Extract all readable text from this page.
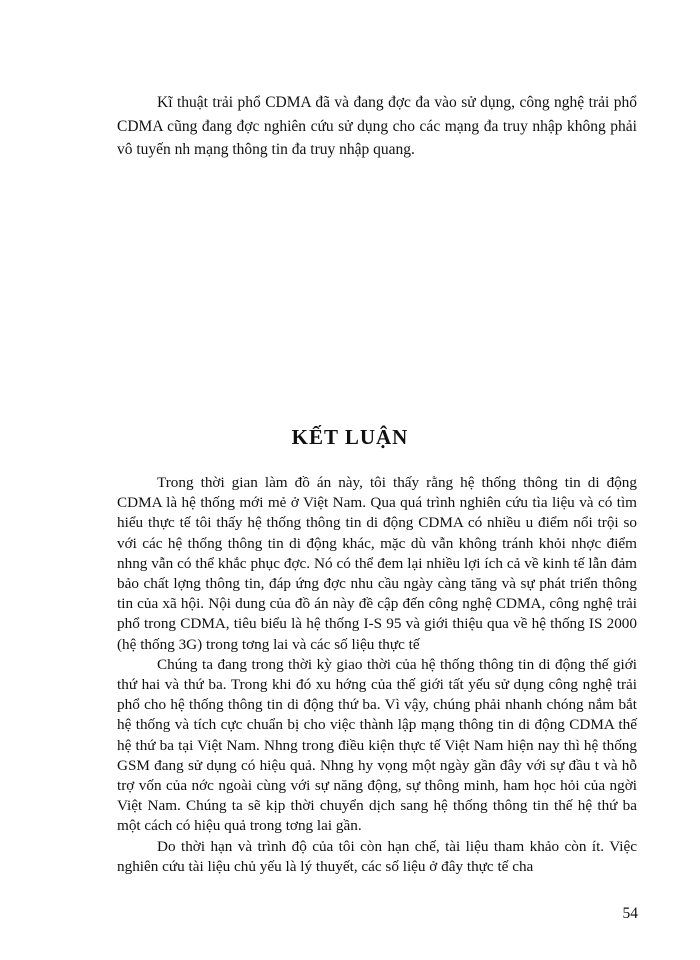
Kĩ thuật trải phổ CDMA đã và đang đợc đa vào sử dụng, công nghệ trải phổ CDMA cũng đang đợc nghiên cứu sử dụng cho các mạng đa truy nhập không phải vô tuyến nh mạng thông tin đa truy nhập quang.

KẾT LUẬN

Trong thời gian làm đồ án này, tôi thấy rằng hệ thống thông tin di động CDMA là hệ thống mới mẻ ở Việt Nam. Qua quá trình nghiên cứu tìa liệu và có tìm hiểu thực tế tôi thấy hệ thống thông tin di động CDMA có nhiều u điểm nổi trội so với các hệ thống thông tin di động khác, mặc dù vẫn không tránh khỏi nhợc điểm nhng vẫn có thể khắc phục đợc. Nó có thể đem lại nhiều lợi ích cả về kinh tế lẫn đảm bảo chất lợng thông tin, đáp ứng đợc nhu cầu ngày càng tăng và sự phát triển thông tin của xã hội. Nội dung của đồ án này đề cập đến công nghệ CDMA, công nghệ trải phổ trong CDMA, tiêu biểu là hệ thống I-S 95 và giới thiệu qua về hệ thống IS 2000 (hệ thống 3G) trong tơng lai và các số liệu thực tế

Chúng ta đang trong thời kỳ giao thời của hệ thống thông tin di động thế giới thứ hai và thứ ba. Trong khi đó xu hớng của thế giới tất yếu sử dụng công nghệ trải phổ cho hệ thống thông tin di động thứ ba. Vì vậy, chúng phải nhanh chóng nắm bắt hệ thống và tích cực chuẩn bị cho việc thành lập mạng thông tin di động CDMA thế hệ thứ ba tại Việt Nam. Nhng trong điều kiện thực tế Việt Nam hiện nay thì hệ thống GSM đang sử dụng có hiệu quả. Nhng hy vọng một ngày gần đây với sự đầu t và hỗ trợ vốn của nớc ngoài cùng với sự năng động, sự thông minh, ham học hỏi của ngời Việt Nam. Chúng ta sẽ kịp thời chuyển dịch sang hệ thống thông tin thế hệ thứ ba một cách có hiệu quả trong tơng lai gần.

Do thời hạn và trình độ của tôi còn hạn chế, tài liệu tham khảo còn ít. Việc nghiên cứu tài liệu chủ yếu là lý thuyết, các số liệu ở đây thực tế cha

54
